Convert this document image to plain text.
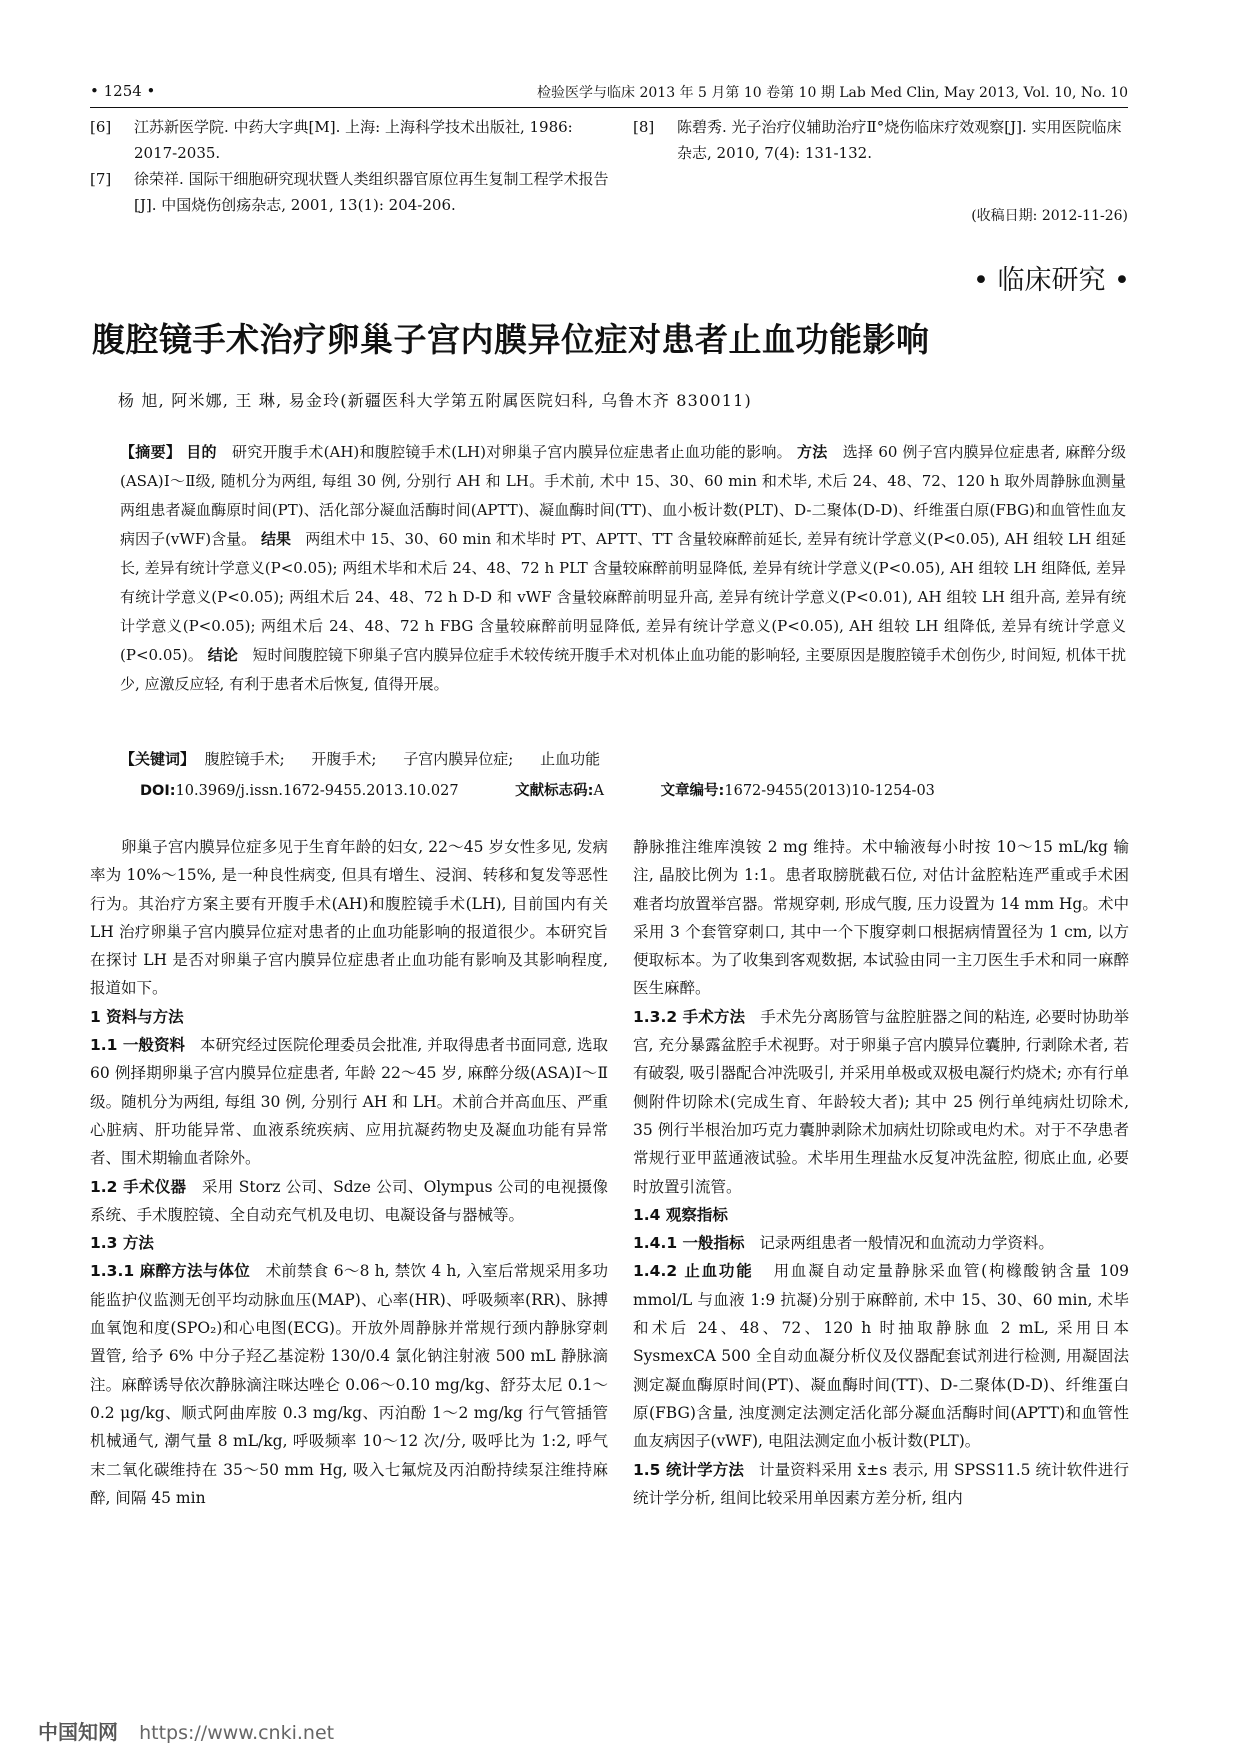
• 1254 •	检验医学与临床 2013 年 5 月第 10 卷第 10 期 Lab Med Clin, May 2013, Vol. 10, No. 10
[6] 江苏新医学院. 中药大字典[M]. 上海: 上海科学技术出版社, 1986: 2017-2035.
[7] 徐荣祥. 国际干细胞研究现状暨人类组织器官原位再生复制工程学术报告[J]. 中国烧伤创疡杂志, 2001, 13(1): 204-206.
[8] 陈碧秀. 光子治疗仪辅助治疗Ⅱ°烧伤临床疗效观察[J]. 实用医院临床杂志, 2010, 7(4): 131-132.
(收稿日期: 2012-11-26)
• 临床研究 •
腹腔镜手术治疗卵巢子宫内膜异位症对患者止血功能影响
杨 旭, 阿米娜, 王 琳, 易金玲(新疆医科大学第五附属医院妇科, 乌鲁木齐 830011)

【摘要】 目的 研究开腹手术(AH)和腹腔镜手术(LH)对卵巢子宫内膜异位症患者止血功能的影响。 方法 选择 60 例子宫内膜异位症患者, 麻醉分级(ASA)Ⅰ～Ⅱ级, 随机分为两组, 每组 30 例, 分别行 AH 和 LH。手术前, 术中 15、30、60 min 和术毕, 术后 24、48、72、120 h 取外周静脉血测量两组患者凝血酶原时间(PT)、活化部分凝血活酶时间(APTT)、凝血酶时间(TT)、血小板计数(PLT)、D-二聚体(D-D)、纤维蛋白原(FBG)和血管性血友病因子(vWF)含量。 结果 两组术中 15、30、60 min 和术毕时 PT、APTT、TT 含量较麻醉前延长, 差异有统计学意义(P<0.05), AH 组较 LH 组延长, 差异有统计学意义(P<0.05); 两组术毕和术后 24、48、72 h PLT 含量较麻醉前明显降低, 差异有统计学意义(P<0.05), AH 组较 LH 组降低, 差异有统计学意义(P<0.05); 两组术后 24、48、72 h D-D 和 vWF 含量较麻醉前明显升高, 差异有统计学意义(P<0.01), AH 组较 LH 组升高, 差异有统计学意义(P<0.05); 两组术后 24、48、72 h FBG 含量较麻醉前明显降低, 差异有统计学意义(P<0.05), AH 组较 LH 组降低, 差异有统计学意义(P<0.05)。 结论 短时间腹腔镜下卵巢子宫内膜异位症手术较传统开腹手术对机体止血功能的影响轻, 主要原因是腹腔镜手术创伤少, 时间短, 机体干扰少, 应激反应轻, 有利于患者术后恢复, 值得开展。

【关键词】 腹腔镜手术; 开腹手术; 子宫内膜异位症; 止血功能
DOI:10.3969/j.issn.1672-9455.2013.10.027	文献标志码:A	文章编号:1672-9455(2013)10-1254-03

卵巢子宫内膜异位症多见于生育年龄的妇女, 22～45 岁女性多见, 发病率为 10%～15%, 是一种良性病变, 但具有增生、浸润、转移和复发等恶性行为。其治疗方案主要有开腹手术(AH)和腹腔镜手术(LH), 目前国内有关 LH 治疗卵巢子宫内膜异位症对患者的止血功能影响的报道很少。本研究旨在探讨 LH 是否对卵巢子宫内膜异位症患者止血功能有影响及其影响程度, 报道如下。

1 资料与方法

1.1 一般资料 本研究经过医院伦理委员会批准, 并取得患者书面同意, 选取 60 例择期卵巢子宫内膜异位症患者, 年龄 22～45 岁, 麻醉分级(ASA)Ⅰ～Ⅱ级。随机分为两组, 每组 30 例, 分别行 AH 和 LH。术前合并高血压、严重心脏病、肝功能异常、血液系统疾病、应用抗凝药物史及凝血功能有异常者、围术期输血者除外。

1.2 手术仪器 采用 Storz 公司、Sdze 公司、Olympus 公司的电视摄像系统、手术腹腔镜、全自动充气机及电切、电凝设备与器械等。

1.3 方法

1.3.1 麻醉方法与体位 术前禁食 6～8 h, 禁饮 4 h, 入室后常规采用多功能监护仪监测无创平均动脉血压(MAP)、心率(HR)、呼吸频率(RR)、脉搏血氧饱和度(SPO₂)和心电图(ECG)。开放外周静脉并常规行颈内静脉穿刺置管, 给予 6% 中分子羟乙基淀粉 130/0.4 氯化钠注射液 500 mL 静脉滴注。麻醉诱导依次静脉滴注咪达唑仑 0.06～0.10 mg/kg、舒芬太尼 0.1～0.2 μg/kg、顺式阿曲库胺 0.3 mg/kg、丙泊酚 1～2 mg/kg 行气管插管机械通气, 潮气量 8 mL/kg, 呼吸频率 10～12 次/分, 吸呼比为 1:2, 呼气末二氧化碳维持在 35～50 mm Hg, 吸入七氟烷及丙泊酚持续泵注维持麻醉, 间隔 45 min

静脉推注维库溴铵 2 mg 维持。术中输液每小时按 10～15 mL/kg 输注, 晶胶比例为 1:1。患者取膀胱截石位, 对估计盆腔粘连严重或手术困难者均放置举宫器。常规穿刺, 形成气腹, 压力设置为 14 mm Hg。术中采用 3 个套管穿刺口, 其中一个下腹穿刺口根据病情置径为 1 cm, 以方便取标本。为了收集到客观数据, 本试验由同一主刀医生手术和同一麻醉医生麻醉。

1.3.2 手术方法 手术先分离肠管与盆腔脏器之间的粘连, 必要时协助举宫, 充分暴露盆腔手术视野。对于卵巢子宫内膜异位囊肿, 行剥除术者, 若有破裂, 吸引器配合冲洗吸引, 并采用单极或双极电凝行灼烧术; 亦有行单侧附件切除术(完成生育、年龄较大者); 其中 25 例行单纯病灶切除术, 35 例行半根治加巧克力囊肿剥除术加病灶切除或电灼术。对于不孕患者常规行亚甲蓝通液试验。术毕用生理盐水反复冲洗盆腔, 彻底止血, 必要时放置引流管。

1.4 观察指标

1.4.1 一般指标 记录两组患者一般情况和血流动力学资料。

1.4.2 止血功能 用血凝自动定量静脉采血管(枸橼酸钠含量 109 mmol/L 与血液 1:9 抗凝)分别于麻醉前, 术中 15、30、60 min, 术毕和术后 24、48、72、120 h 时抽取静脉血 2 mL, 采用日本 SysmexCA 500 全自动血凝分析仪及仪器配套试剂进行检测, 用凝固法测定凝血酶原时间(PT)、凝血酶时间(TT)、D-二聚体(D-D)、纤维蛋白原(FBG)含量, 浊度测定法测定活化部分凝血活酶时间(APTT)和血管性血友病因子(vWF), 电阻法测定血小板计数(PLT)。

1.5 统计学方法 计量资料采用 x̄±s 表示, 用 SPSS11.5 统计软件进行统计学分析, 组间比较采用单因素方差分析, 组内

中国知网 https://www.cnki.net
